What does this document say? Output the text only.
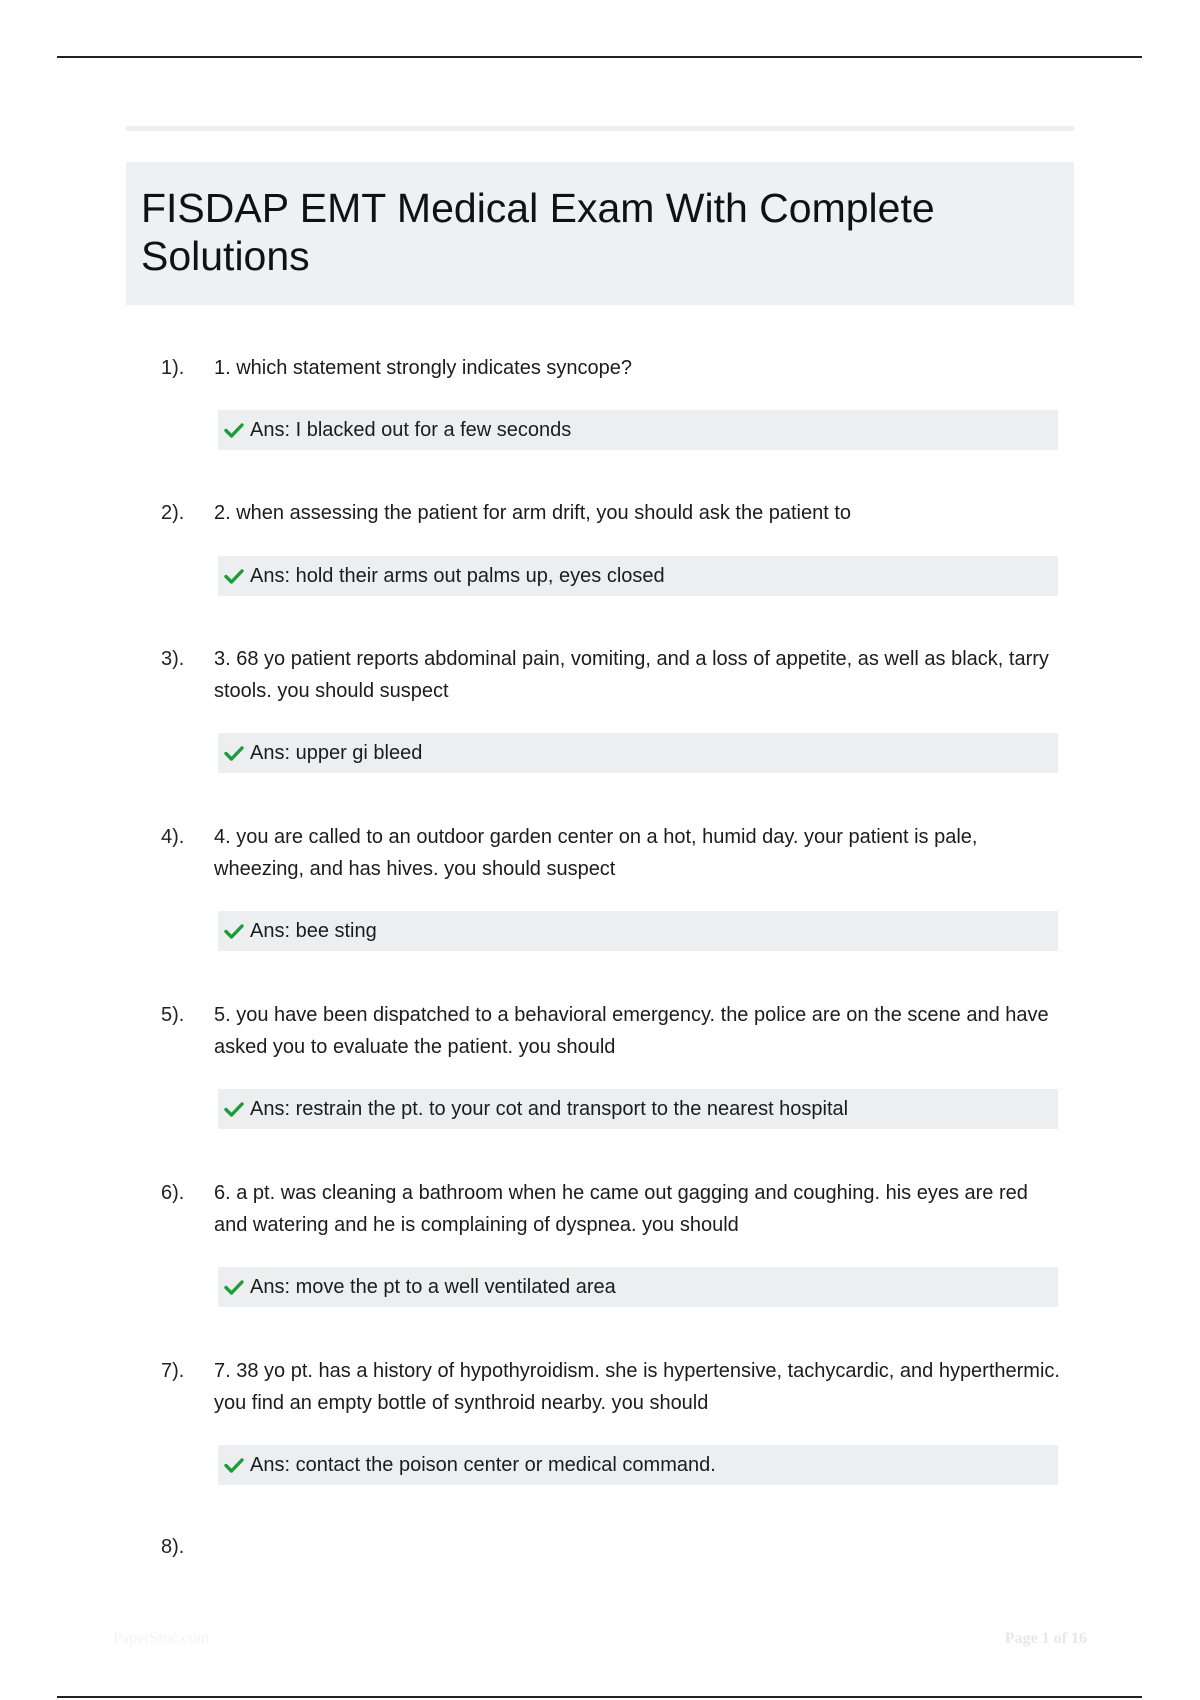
FISDAP EMT Medical Exam With Complete Solutions
1). 1. which statement strongly indicates syncope?
Ans: I blacked out for a few seconds
2). 2. when assessing the patient for arm drift, you should ask the patient to
Ans: hold their arms out palms up, eyes closed
3). 3. 68 yo patient reports abdominal pain, vomiting, and a loss of appetite, as well as black, tarry stools. you should suspect
Ans: upper gi bleed
4). 4. you are called to an outdoor garden center on a hot, humid day. your patient is pale, wheezing, and has hives. you should suspect
Ans: bee sting
5). 5. you have been dispatched to a behavioral emergency. the police are on the scene and have asked you to evaluate the patient. you should
Ans: restrain the pt. to your cot and transport to the nearest hospital
6). 6. a pt. was cleaning a bathroom when he came out gagging and coughing. his eyes are red and watering and he is complaining of dyspnea. you should
Ans: move the pt to a well ventilated area
7). 7. 38 yo pt. has a history of hypothyroidism. she is hypertensive, tachycardic, and hyperthermic. you find an empty bottle of synthroid nearby. you should
Ans: contact the poison center or medical command.
8).
PaperStoc.com	Page 1 of 16
